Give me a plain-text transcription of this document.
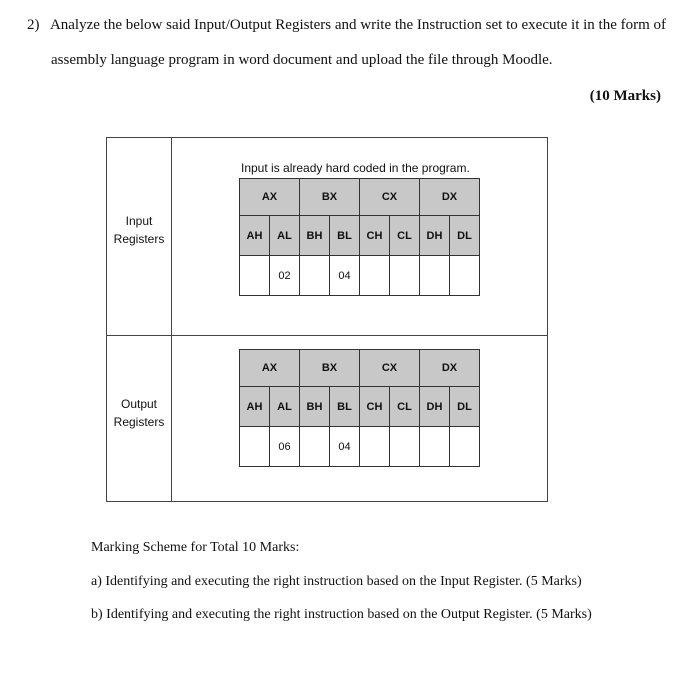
2) Analyze the below said Input/Output Registers and write the Instruction set to execute it in the form of
assembly language program in word document and upload the file through Moodle.
(10 Marks)
Input
Registers
Input is already hard coded in the program.
AX		BX		CX		DX	
AH	AL	BH	BL	CH	CL	DH	DL
	02		04				
Output
Registers
AX		BX		CX		DX	
AH	AL	BH	BL	CH	CL	DH	DL
	06		04				
Marking Scheme for Total 10 Marks:
a) Identifying and executing the right instruction based on the Input Register. (5 Marks)
b) Identifying and executing the right instruction based on the Output Register. (5 Marks)
